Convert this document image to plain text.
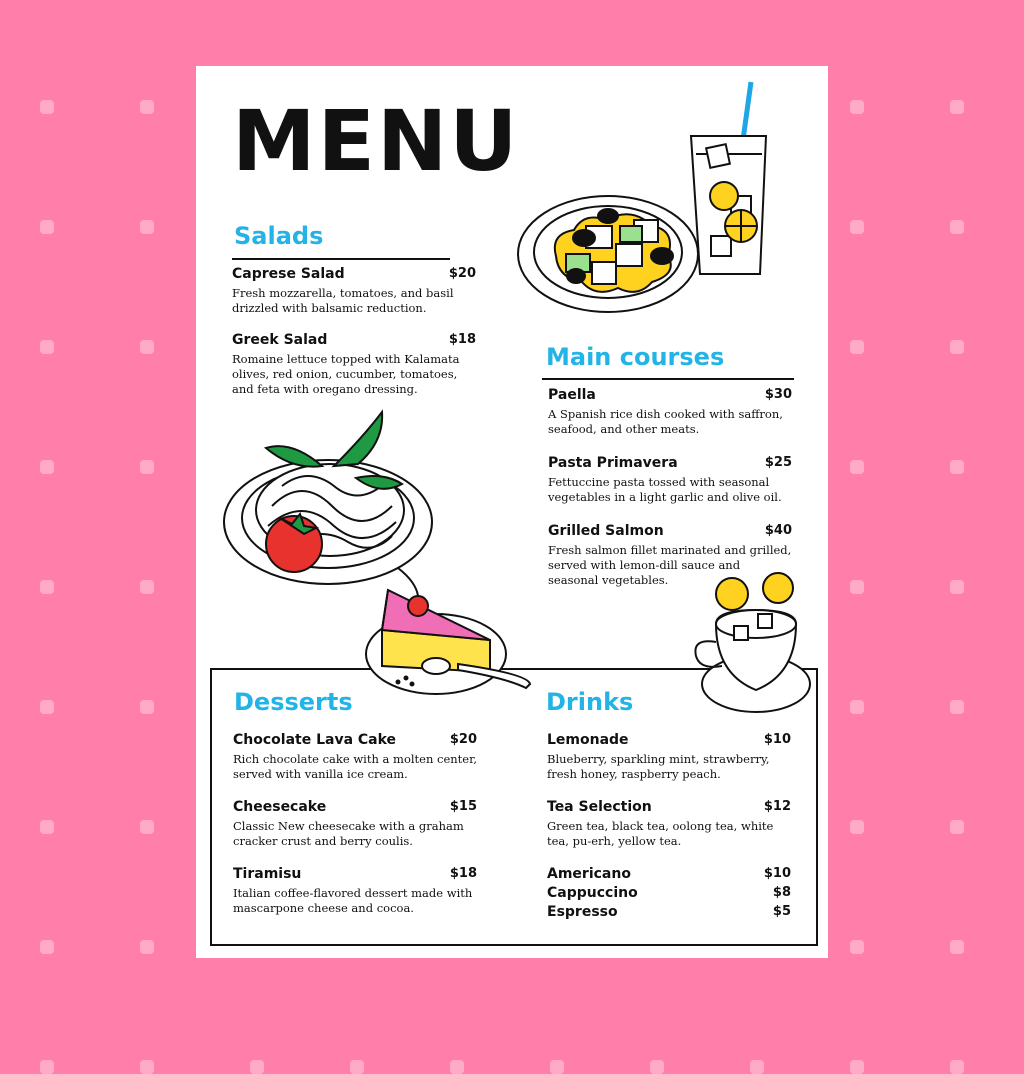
MENU
Salads
Caprese Salad	$20
Fresh mozzarella, tomatoes, and basil drizzled with balsamic reduction.
Greek Salad	$18
Romaine lettuce topped with Kalamata olives, red onion, cucumber, tomatoes, and feta with oregano dressing.
Main courses
Paella	$30
A Spanish rice dish cooked with saffron, seafood, and other meats.
Pasta Primavera	$25
Fettuccine pasta tossed with seasonal vegetables in a light garlic and olive oil.
Grilled Salmon	$40
Fresh salmon fillet marinated and grilled, served with lemon-dill sauce and seasonal vegetables.
Desserts
Chocolate Lava Cake	$20
Rich chocolate cake with a molten center, served with vanilla ice cream.
Cheesecake	$15
Classic New cheesecake with a graham cracker crust and berry coulis.
Tiramisu	$18
Italian coffee-flavored dessert made with mascarpone cheese and cocoa.
Drinks
Lemonade	$10
Blueberry, sparkling mint, strawberry, fresh honey, raspberry peach.
Tea Selection	$12
Green tea, black tea, oolong tea, white tea, pu-erh, yellow tea.
Americano	$10
Cappuccino	$8
Espresso	$5
